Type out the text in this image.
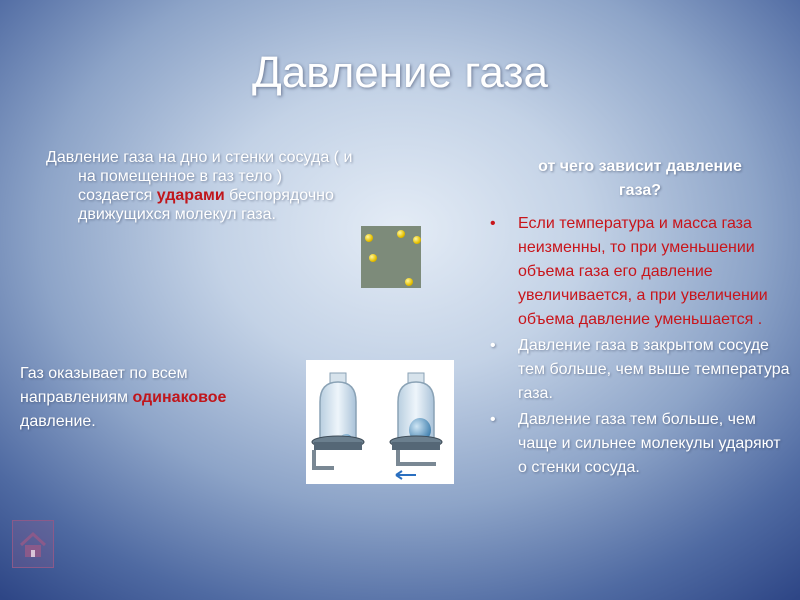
Давление газа
Давление газа на дно и стенки сосуда ( и
на помещенное в газ тело )
создается ударами беспорядочно
движущихся молекул газа.
Газ оказывает по всем направлениям одинаковое давление.
от чего зависит давление
газа?
• Если температура и масса газа неизменны, то при уменьшении объема газа его давление увеличивается, а при увеличении объема давление уменьшается .
• Давление газа в закрытом сосуде тем больше, чем выше температура газа.
• Давление газа тем больше, чем чаще и сильнее молекулы ударяют о стенки сосуда.
